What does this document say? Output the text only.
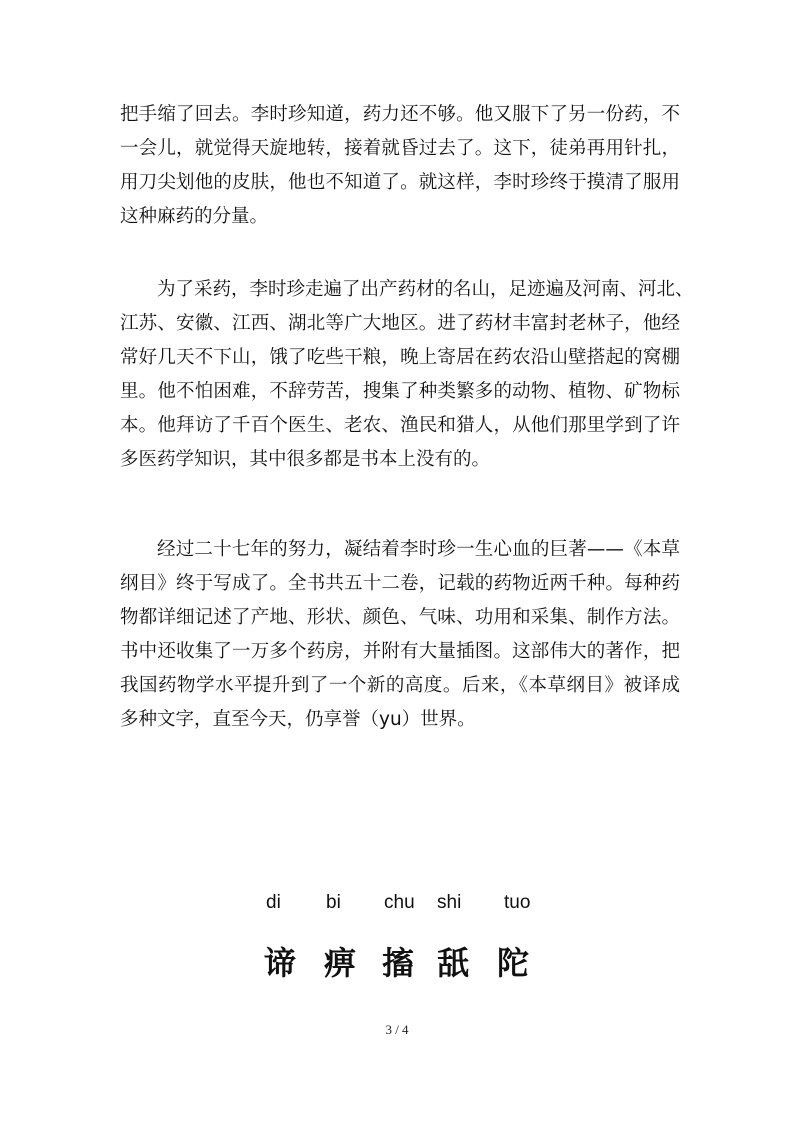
把手缩了回去。李时珍知道，药力还不够。他又服下了另一份药，不
一会儿，就觉得天旋地转，接着就昏过去了。这下，徒弟再用针扎，
用刀尖划他的皮肤，他也不知道了。就这样，李时珍终于摸清了服用
这种麻药的分量。
为了采药，李时珍走遍了出产药材的名山，足迹遍及河南、河北、
江苏、安徽、江西、湖北等广大地区。进了药材丰富封老林子，他经
常好几天不下山，饿了吃些干粮，晚上寄居在药农沿山壁搭起的窝棚
里。他不怕困难，不辞劳苦，搜集了种类繁多的动物、植物、矿物标
本。他拜访了千百个医生、老农、渔民和猎人，从他们那里学到了许
多医药学知识，其中很多都是书本上没有的。
经过二十七年的努力，凝结着李时珍一生心血的巨著——《本草
纲目》终于写成了。全书共五十二卷，记载的药物近两千种。每种药
物都详细记述了产地、形状、颜色、气味、功用和采集、制作方法。
书中还收集了一万多个药房，并附有大量插图。这部伟大的著作，把
我国药物学水平提升到了一个新的高度。后来，《本草纲目》被译成
多种文字，直至今天，仍享誉（yu）世界。
di bi chu shi tuo
谛 痹 搐 舐 陀
3 / 4
